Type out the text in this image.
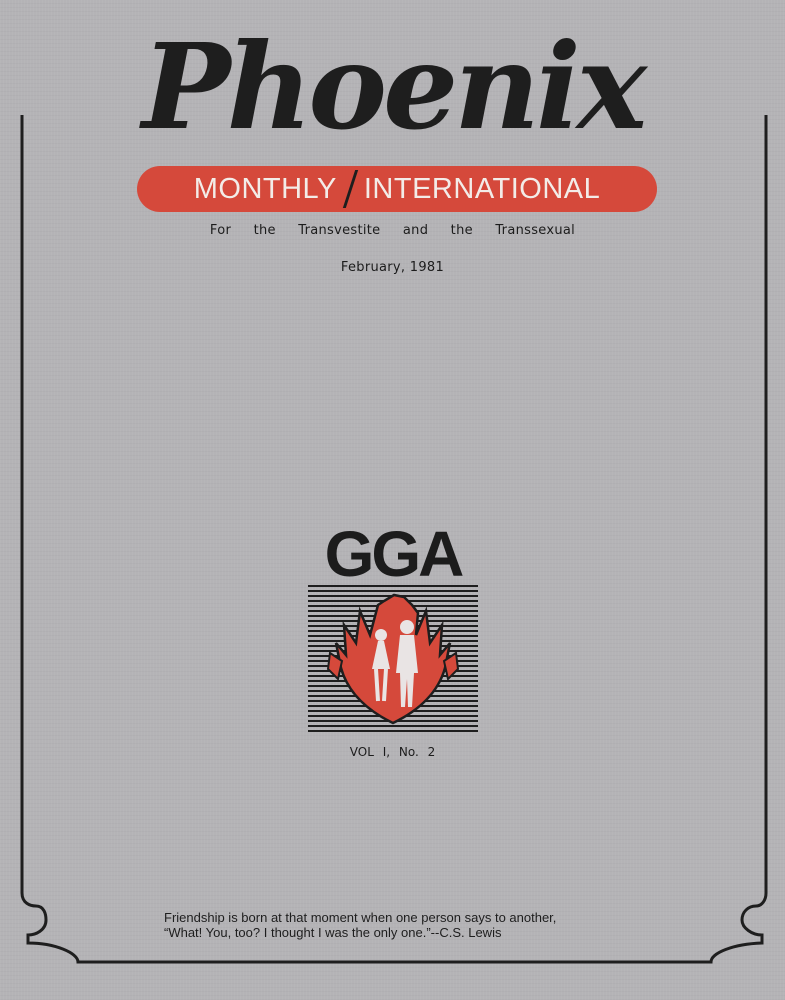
Phoenix
MONTHLY INTERNATIONAL
For the Transvestite and the Transsexual
February, 1981
GGA
VOL I, No. 2
Friendship is born at that moment when one person says to another,
“What! You, too? I thought I was the only one.”--C.S. Lewis
